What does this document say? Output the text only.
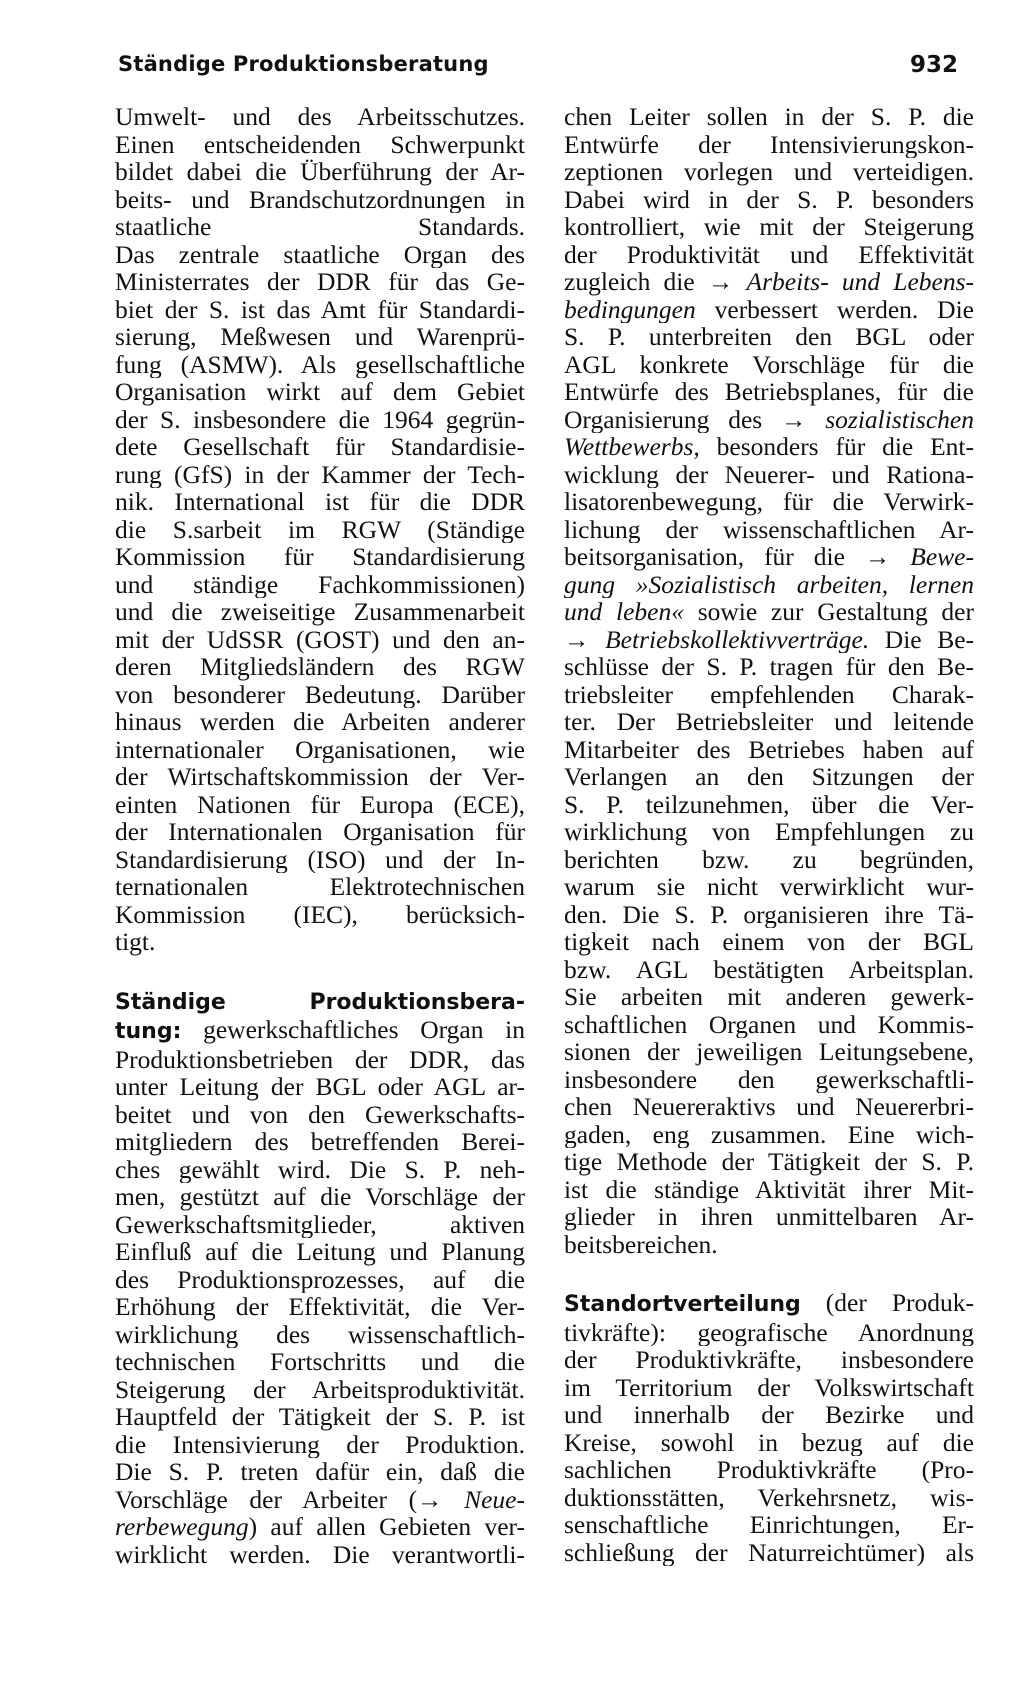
Ständige Produktionsberatung	932
Umwelt- und des Arbeitsschutzes.
Einen entscheidenden Schwerpunkt
bildet dabei die Überführung der Ar-
beits- und Brandschutzordnungen in
staatliche Standards.
Das zentrale staatliche Organ des
Ministerrates der DDR für das Ge-
biet der S. ist das Amt für Standardi-
sierung, Meßwesen und Warenprü-
fung (ASMW). Als gesellschaftliche
Organisation wirkt auf dem Gebiet
der S. insbesondere die 1964 gegrün-
dete Gesellschaft für Standardisie-
rung (GfS) in der Kammer der Tech-
nik. International ist für die DDR
die S.sarbeit im RGW (Ständige
Kommission für Standardisierung
und ständige Fachkommissionen)
und die zweiseitige Zusammenarbeit
mit der UdSSR (GOST) und den an-
deren Mitgliedsländern des RGW
von besonderer Bedeutung. Darüber
hinaus werden die Arbeiten anderer
internationaler Organisationen, wie
der Wirtschaftskommission der Ver-
einten Nationen für Europa (ECE),
der Internationalen Organisation für
Standardisierung (ISO) und der In-
ternationalen Elektrotechnischen
Kommission (IEC), berücksich-
tigt.
Ständige Produktionsbera-
tung: gewerkschaftliches Organ in
Produktionsbetrieben der DDR, das
unter Leitung der BGL oder AGL ar-
beitet und von den Gewerkschafts-
mitgliedern des betreffenden Berei-
ches gewählt wird. Die S. P. neh-
men, gestützt auf die Vorschläge der
Gewerkschaftsmitglieder, aktiven
Einfluß auf die Leitung und Planung
des Produktionsprozesses, auf die
Erhöhung der Effektivität, die Ver-
wirklichung des wissenschaftlich-
technischen Fortschritts und die
Steigerung der Arbeitsproduktivität.
Hauptfeld der Tätigkeit der S. P. ist
die Intensivierung der Produktion.
Die S. P. treten dafür ein, daß die
Vorschläge der Arbeiter (→ Neue-
rerbewegung) auf allen Gebieten ver-
wirklicht werden. Die verantwortli-
chen Leiter sollen in der S. P. die
Entwürfe der Intensivierungskon-
zeptionen vorlegen und verteidigen.
Dabei wird in der S. P. besonders
kontrolliert, wie mit der Steigerung
der Produktivität und Effektivität
zugleich die → Arbeits- und Lebens-
bedingungen verbessert werden. Die
S. P. unterbreiten den BGL oder
AGL konkrete Vorschläge für die
Entwürfe des Betriebsplanes, für die
Organisierung des → sozialistischen
Wettbewerbs, besonders für die Ent-
wicklung der Neuerer- und Rationa-
lisatorenbewegung, für die Verwirk-
lichung der wissenschaftlichen Ar-
beitsorganisation, für die → Bewe-
gung »Sozialistisch arbeiten, lernen
und leben« sowie zur Gestaltung der
→ Betriebskollektivverträge. Die Be-
schlüsse der S. P. tragen für den Be-
triebsleiter empfehlenden Charak-
ter. Der Betriebsleiter und leitende
Mitarbeiter des Betriebes haben auf
Verlangen an den Sitzungen der
S. P. teilzunehmen, über die Ver-
wirklichung von Empfehlungen zu
berichten bzw. zu begründen,
warum sie nicht verwirklicht wur-
den. Die S. P. organisieren ihre Tä-
tigkeit nach einem von der BGL
bzw. AGL bestätigten Arbeitsplan.
Sie arbeiten mit anderen gewerk-
schaftlichen Organen und Kommis-
sionen der jeweiligen Leitungsebene,
insbesondere den gewerkschaftli-
chen Neuereraktivs und Neuererbri-
gaden, eng zusammen. Eine wich-
tige Methode der Tätigkeit der S. P.
ist die ständige Aktivität ihrer Mit-
glieder in ihren unmittelbaren Ar-
beitsbereichen.
Standortverteilung (der Produk-
tivkräfte): geografische Anordnung
der Produktivkräfte, insbesondere
im Territorium der Volkswirtschaft
und innerhalb der Bezirke und
Kreise, sowohl in bezug auf die
sachlichen Produktivkräfte (Pro-
duktionsstätten, Verkehrsnetz, wis-
senschaftliche Einrichtungen, Er-
schließung der Naturreichtümer) als
